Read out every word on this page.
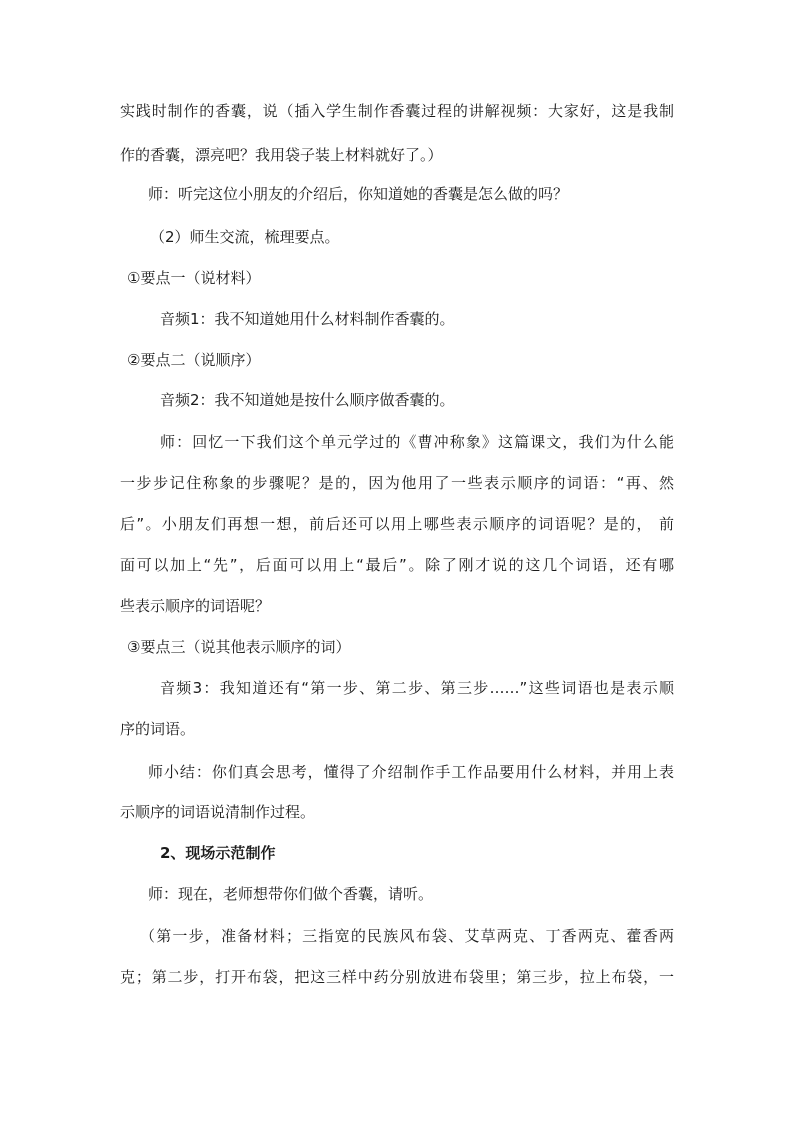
实践时制作的香囊，说（插入学生制作香囊过程的讲解视频：大家好，这是我制
作的香囊，漂亮吧？我用袋子装上材料就好了。）
师：听完这位小朋友的介绍后，你知道她的香囊是怎么做的吗？
（2）师生交流，梳理要点。
①要点一（说材料）
音频1：我不知道她用什么材料制作香囊的。
②要点二（说顺序）
音频2：我不知道她是按什么顺序做香囊的。
师：回忆一下我们这个单元学过的《曹冲称象》这篇课文，我们为什么能
一步步记住称象的步骤呢？是的，因为他用了一些表示顺序的词语：“再、然
后”。小朋友们再想一想，前后还可以用上哪些表示顺序的词语呢？是的， 前
面可以加上“先”，后面可以用上“最后”。除了刚才说的这几个词语，还有哪
些表示顺序的词语呢？
③要点三（说其他表示顺序的词）
音频3：我知道还有“第一步、第二步、第三步……”这些词语也是表示顺
序的词语。
师小结：你们真会思考，懂得了介绍制作手工作品要用什么材料，并用上表
示顺序的词语说清制作过程。
2、现场示范制作
师：现在，老师想带你们做个香囊，请听。
（第一步，准备材料；三指宽的民族风布袋、艾草两克、丁香两克、藿香两
克；第二步，打开布袋，把这三样中药分别放进布袋里；第三步，拉上布袋，一
